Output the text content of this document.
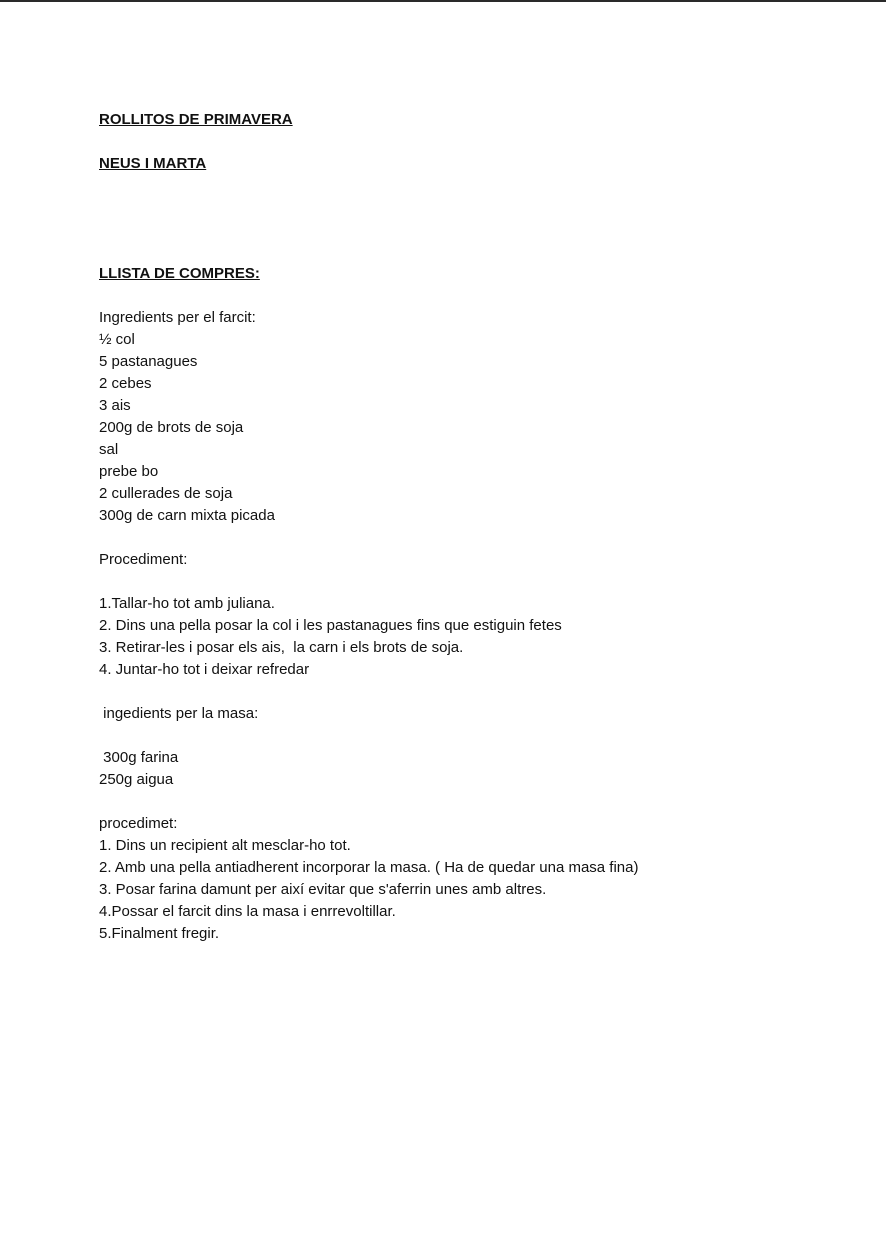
ROLLITOS DE PRIMAVERA

NEUS I MARTA

LLISTA DE COMPRES:

Ingredients per el farcit:

½ col

5 pastanagues

2 cebes

3 ais

200g de brots de soja

sal

prebe bo

2 cullerades de soja

300g de carn mixta picada

Procediment:

1.Tallar-ho tot amb juliana.

2. Dins una pella posar la col i les pastanagues fins que estiguin fetes

3. Retirar-les i posar els ais,  la carn i els brots de soja.

4. Juntar-ho tot i deixar refredar

ingedients per la masa:

300g farina

250g aigua

procedimet:

1. Dins un recipient alt mesclar-ho tot.

2. Amb una pella antiadherent incorporar la masa. ( Ha de quedar una masa fina)

3. Posar farina damunt per així evitar que s'aferrin unes amb altres.

4.Possar el farcit dins la masa i enrrevoltillar.

5.Finalment fregir.
